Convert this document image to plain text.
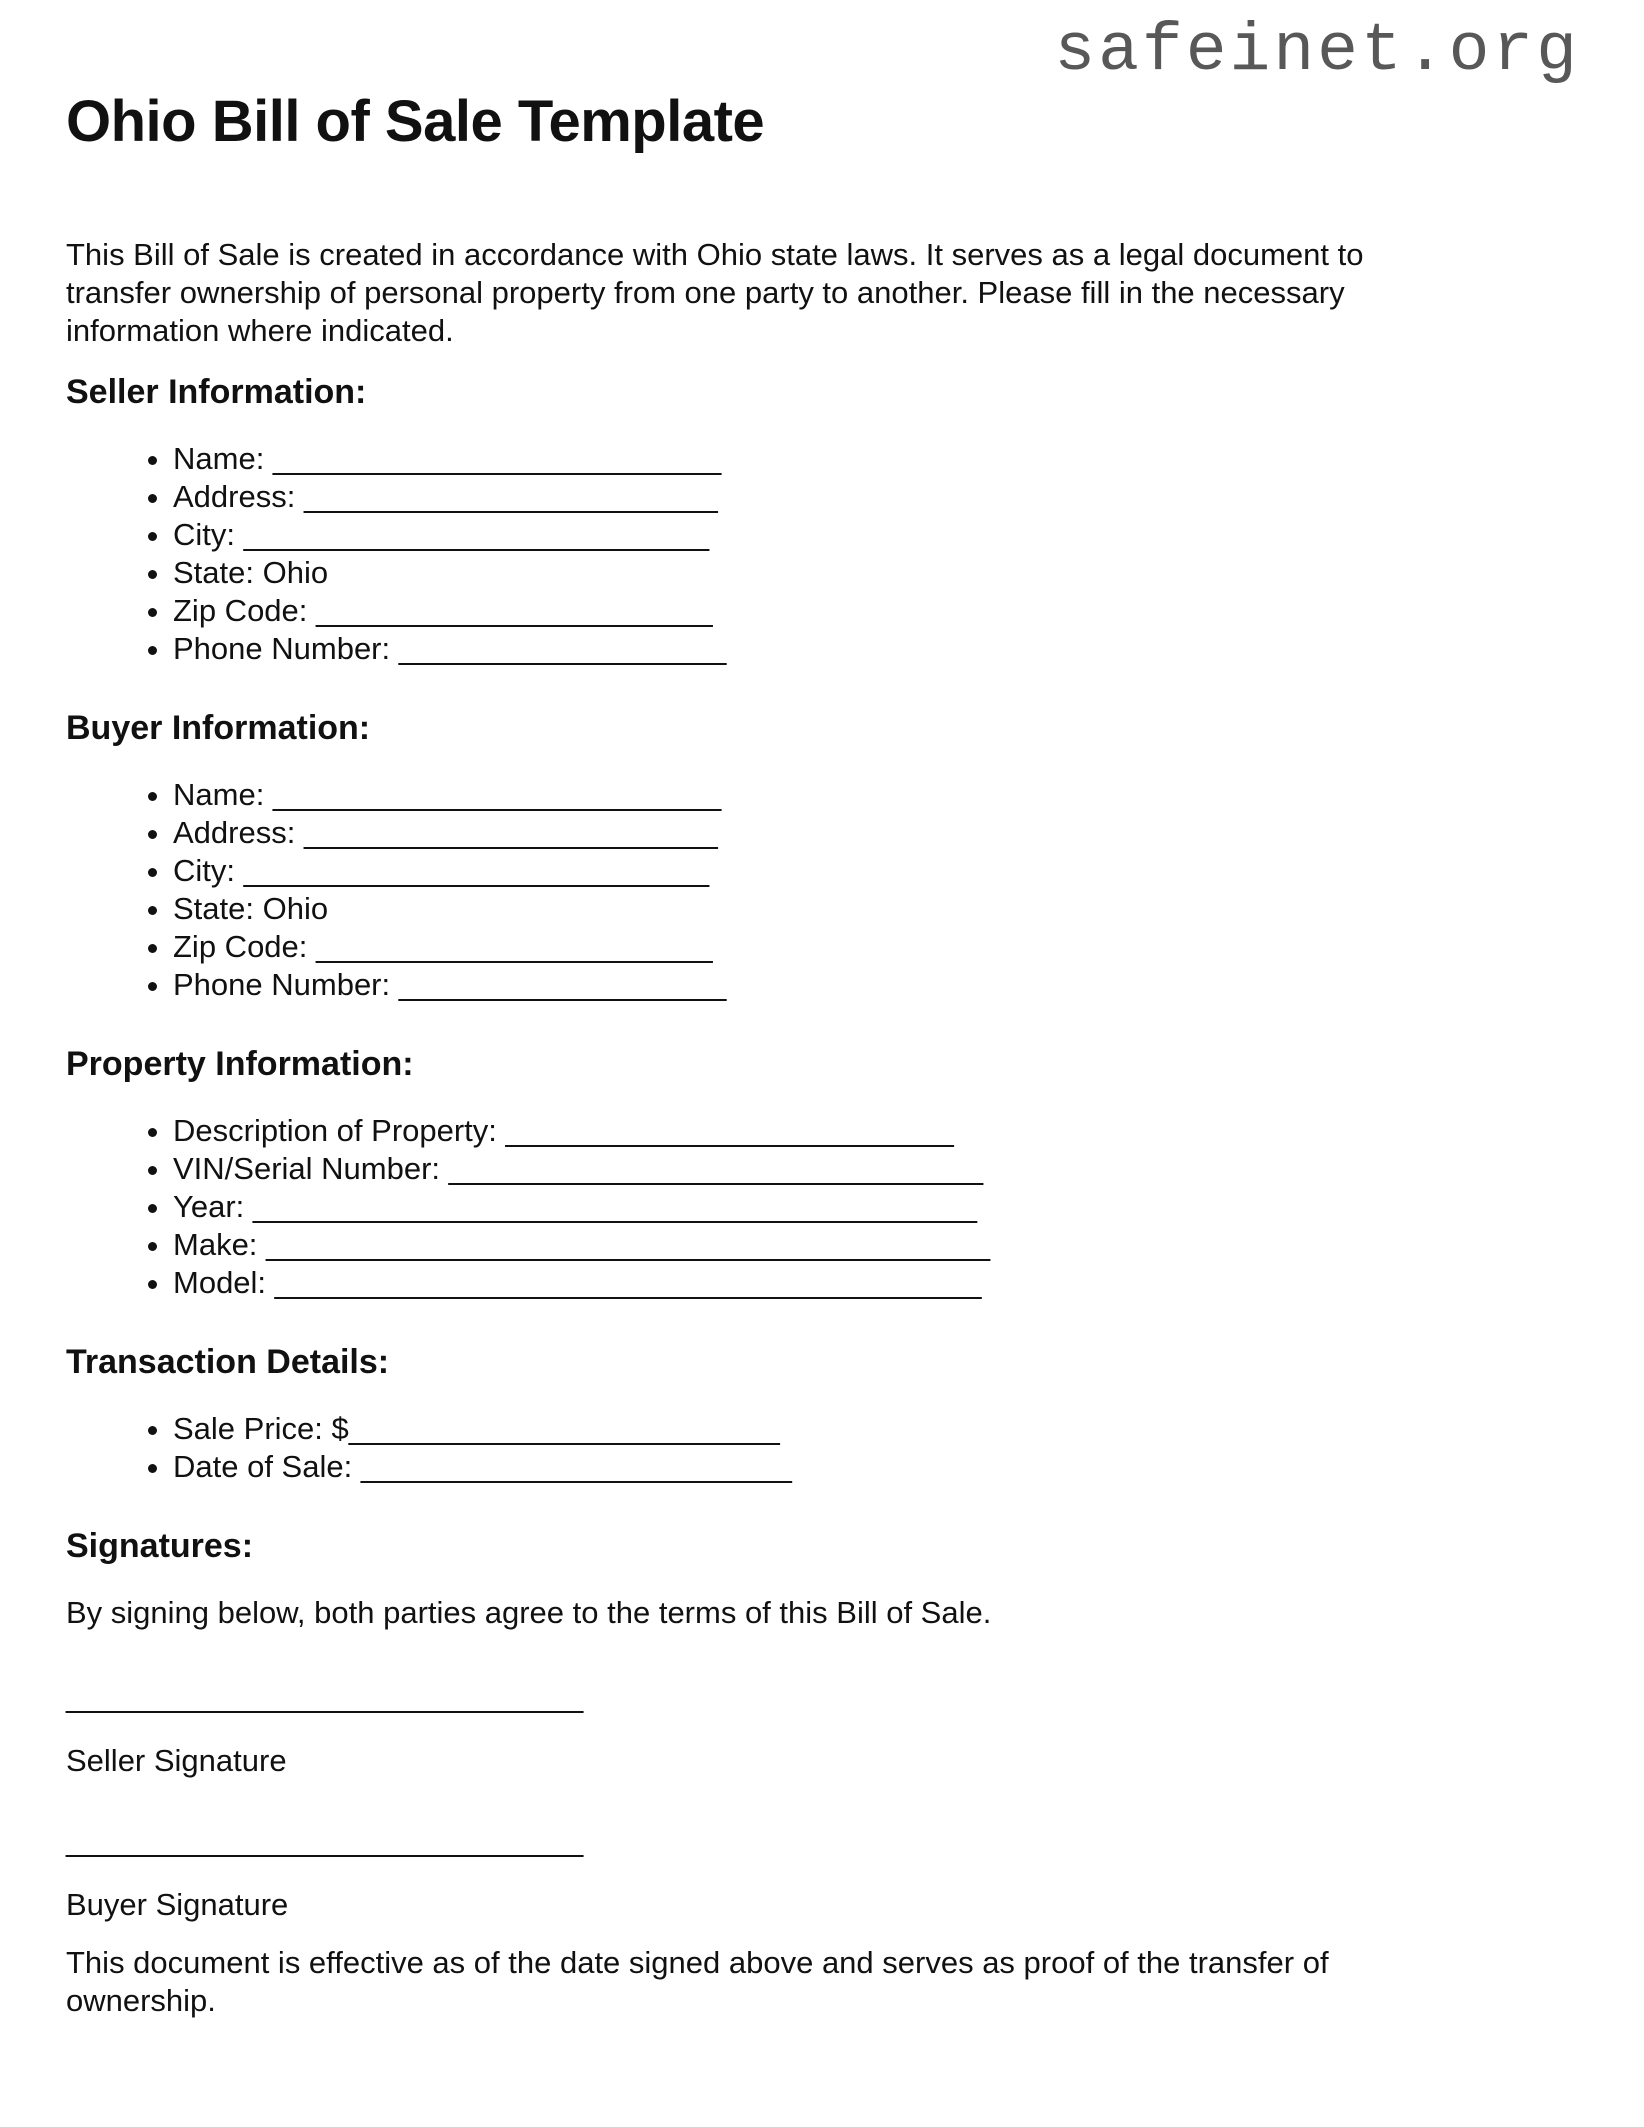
safeinet.org
Ohio Bill of Sale Template

This Bill of Sale is created in accordance with Ohio state laws. It serves as a legal document to transfer ownership of personal property from one party to another. Please fill in the necessary information where indicated.

Seller Information:
• Name: __________________________
• Address: ________________________
• City: ___________________________
• State: Ohio
• Zip Code: _______________________
• Phone Number: ___________________
Buyer Information:
• Name: __________________________
• Address: ________________________
• City: ___________________________
• State: Ohio
• Zip Code: _______________________
• Phone Number: ___________________
Property Information:
• Description of Property: __________________________
• VIN/Serial Number: _______________________________
• Year: __________________________________________
• Make: __________________________________________
• Model: _________________________________________
Transaction Details:
• Sale Price: $_________________________
• Date of Sale: _________________________
Signatures:

By signing below, both parties agree to the terms of this Bill of Sale.

______________________________
Seller Signature
______________________________
Buyer Signature

This document is effective as of the date signed above and serves as proof of the transfer of ownership.
